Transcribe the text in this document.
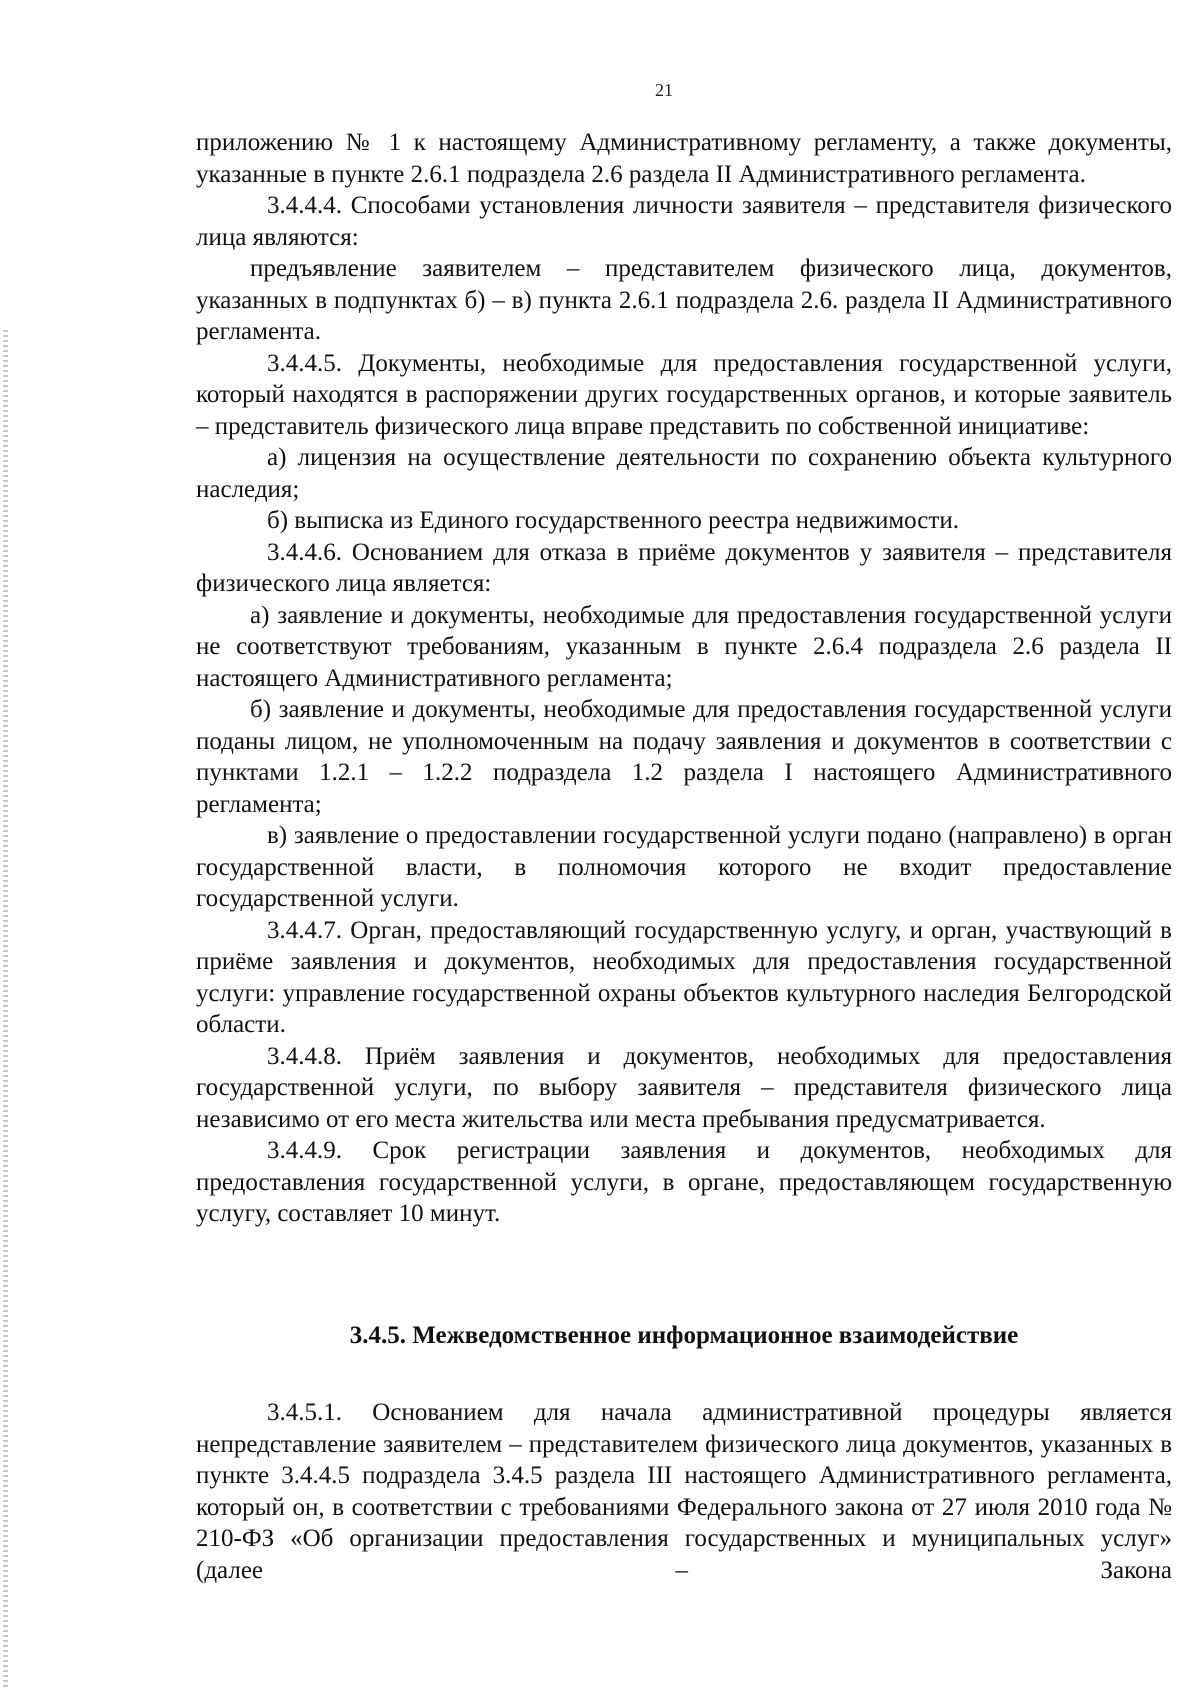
21

приложению № 1 к настоящему Административному регламенту, а также документы, указанные в пункте 2.6.1 подраздела 2.6 раздела II Административного регламента.

3.4.4.4. Способами установления личности заявителя – представителя физического лица являются:

предъявление заявителем – представителем физического лица, документов, указанных в подпунктах б) – в) пункта 2.6.1 подраздела 2.6. раздела II Административного регламента.

3.4.4.5. Документы, необходимые для предоставления государственной услуги, который находятся в распоряжении других государственных органов, и которые заявитель – представитель физического лица вправе представить по собственной инициативе:

а) лицензия на осуществление деятельности по сохранению объекта культурного наследия;

б) выписка из Единого государственного реестра недвижимости.

3.4.4.6. Основанием для отказа в приёме документов у заявителя – представителя физического лица является:

а) заявление и документы, необходимые для предоставления государственной услуги не соответствуют требованиям, указанным в пункте 2.6.4 подраздела 2.6 раздела II настоящего Административного регламента;

б) заявление и документы, необходимые для предоставления государственной услуги поданы лицом, не уполномоченным на подачу заявления и документов в соответствии с пунктами 1.2.1 – 1.2.2 подраздела 1.2 раздела I настоящего Административного регламента;

в) заявление о предоставлении государственной услуги подано (направлено) в орган государственной власти, в полномочия которого не входит предоставление государственной услуги.

3.4.4.7. Орган, предоставляющий государственную услугу, и орган, участвующий в приёме заявления и документов, необходимых для предоставления государственной услуги: управление государственной охраны объектов культурного наследия Белгородской области.

3.4.4.8. Приём заявления и документов, необходимых для предоставления государственной услуги, по выбору заявителя – представителя физического лица независимо от его места жительства или места пребывания предусматривается.

3.4.4.9. Срок регистрации заявления и документов, необходимых для предоставления государственной услуги, в органе, предоставляющем государственную услугу, составляет 10 минут.

3.4.5. Межведомственное информационное взаимодействие

3.4.5.1. Основанием для начала административной процедуры является непредставление заявителем – представителем физического лица документов, указанных в пункте 3.4.4.5 подраздела 3.4.5 раздела III настоящего Административного регламента, который он, в соответствии с требованиями Федерального закона от 27 июля 2010 года № 210-ФЗ «Об организации предоставления государственных и муниципальных услуг» (далее – Закона
